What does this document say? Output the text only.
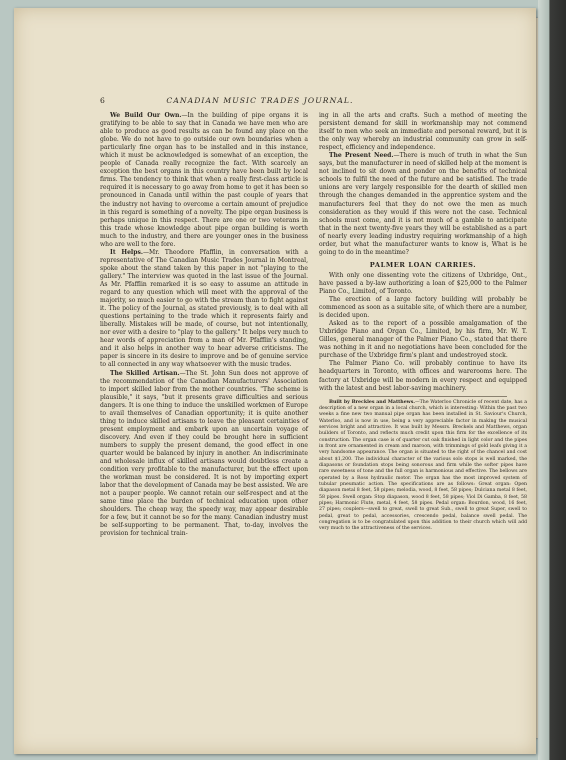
6	CANADIAN MUSIC TRADES JOURNAL.

We Build Our Own.—In the building of pipe organs it is gratifying to be able to say that in Canada we have men who are able to produce as good results as can be found any place on the globe. We do not have to go outside our own boundaries when a particularly fine organ has to be installed and in this instance, which it must be acknowledged is somewhat of an exception, the people of Canada really recognize the fact. With scarcely an exception the best organs in this country have been built by local firms. The tendency to think that when a really first-class article is required it is necessary to go away from home to get it has been so pronounced in Canada until within the past couple of years that the industry not having to overcome a certain amount of prejudice in this regard is something of a novelty. The pipe organ business is perhaps unique in this respect. There are one or two veterans in this trade whose knowledge about pipe organ building is worth much to the industry, and there are younger ones in the business who are well to the fore.

It Helps.—Mr. Theodore Pfafflin, in conversation with a representative of The Canadian Music Trades Journal in Montreal, spoke about the stand taken by this paper in not "playing to the gallery." The interview was quoted in the last issue of the Journal. As Mr. Pfafflin remarked it is so easy to assume an attitude in regard to any question which will meet with the approval of the majority, so much easier to go with the stream than to fight against it. The policy of the Journal, as stated previously, is to deal with all questions pertaining to the trade which it represents fairly and liberally. Mistakes will be made, of course, but not intentionally, nor ever with a desire to "play to the gallery." It helps very much to hear words of appreciation from a man of Mr. Pfafflin's standing, and it also helps in another way to hear adverse criticisms. The paper is sincere in its desire to improve and be of genuine service to all connected in any way whatsoever with the music trades.

The Skilled Artisan.—The St. John Sun does not approve of the recommendation of the Canadian Manufacturers' Association to import skilled labor from the mother countries. "The scheme is plausible," it says, "but it presents grave difficulties and serious dangers. It is one thing to induce the unskilled workmen of Europe to avail themselves of Canadian opportunity; it is quite another thing to induce skilled artisans to leave the pleasant certainties of present employment and embark upon an uncertain voyage of discovery. And even if they could be brought here in sufficient numbers to supply the present demand, the good effect in one quarter would be balanced by injury in another. An indiscriminate and wholesale influx of skilled artisans would doubtless create a condition very profitable to the manufacturer, but the effect upon the workman must be considered. It is not by importing expert labor that the development of Canada may be best assisted. We are not a pauper people. We cannot retain our self-respect and at the same time place the burden of technical education upon other shoulders. The cheap way, the speedy way, may appear desirable for a few, but it cannot be so for the many. Canadian industry must be self-supporting to be permanent. That, to-day, involves the provision for technical train-

ing in all the arts and crafts. Such a method of meeting the persistent demand for skill in workmanship may not commend itself to men who seek an immediate and personal reward, but it is the only way whereby an industrial community can grow in self-respect, efficiency and independence.

The Present Need.—There is much of truth in what the Sun says, but the manufacturer in need of skilled help at the moment is not inclined to sit down and ponder on the benefits of technical schools to fulfil the need of the future and be satisfied. The trade unions are very largely responsible for the dearth of skilled men through the changes demanded in the apprentice system and the manufacturers feel that they do not owe the men as much consideration as they would if this were not the case. Technical schools must come, and it is not much of a gamble to anticipate that in the next twenty-five years they will be established as a part of nearly every leading industry requiring workmanship of a high order, but what the manufacturer wants to know is, What is he going to do in the meantime?

PALMER LOAN CARRIES.

With only one dissenting vote the citizens of Uxbridge, Ont., have passed a by-law authorizing a loan of $25,000 to the Palmer Piano Co., Limited, of Toronto.

The erection of a large factory building will probably be commenced as soon as a suitable site, of which there are a number, is decided upon.

Asked as to the report of a possible amalgamation of the Uxbridge Piano and Organ Co., Limited, by his firm, Mr. W. T. Gilles, general manager of the Palmer Piano Co., stated that there was nothing in it and no negotiations have been concluded for the purchase of the Uxbridge firm's plant and undestroyed stock.

The Palmer Piano Co. will probably continue to have its headquarters in Toronto, with offices and warerooms here. The factory at Uxbridge will be modern in every respect and equipped with the latest and best labor-saving machinery.

Built by Breckles and Matthews.—The Waterloo Chronicle of recent date, has a description of a new organ in a local church, which is interesting: Within the past two weeks a fine new two manual pipe organ has been installed in St. Saviour's Church, Waterloo, and is now in use, being a very appreciable factor in making the musical services bright and attractive. It was built by Messrs. Breckels and Matthews, organ builders of Toronto, and reflects much credit upon this firm for the excellence of its construction. The organ case is of quarter cut oak finished in light color and the pipes in front are ornamented in cream and maroon, with trimmings of gold leafs giving it a very handsome appearance. The organ is situated to the right of the chancel and cost about $1,200. The individual character of the various solo stops is well marked, the diapasons or foundation stops being sonorous and firm while the softer pipes have rare sweetness of tone and the full organ is harmonious and effective. The bellows are operated by a Ross hydraulic motor. The organ has the most improved system of tubular pneumatic action. The specifications are as follows: Great organ: Open diapason metal 8 feet, 58 pipes; melodia, wood, 8 feet, 58 pipes; Dulciana metal 8 feet, 58 pipes. Swell organ: Stop diapason, wood 8 feet, 58 pipes; Viol Di Gamba, 8 feet, 58 pipes; Harmonic Flute, metal, 4 feet, 58 pipes. Pedal organ: Bourdon, wood, 16 feet, 27 pipes; couplers—swell to great, swell to great Sub., swell to great Super, swell to pedal, great to pedal, accessories, crescendo pedal, balance swell pedal. The congregation is to be congratulated upon this addition to their church which will add very much to the attractiveness of the services.
